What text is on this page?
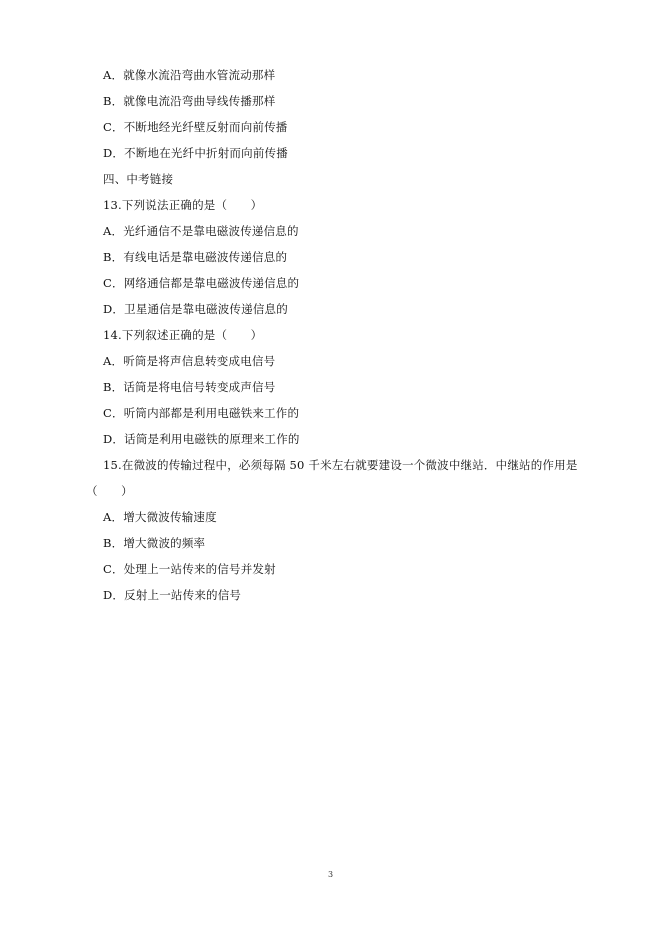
A．就像水流沿弯曲水管流动那样
B．就像电流沿弯曲导线传播那样
C．不断地经光纤壁反射而向前传播
D．不断地在光纤中折射而向前传播
四、中考链接
13.下列说法正确的是（　　）
A．光纤通信不是靠电磁波传递信息的
B．有线电话是靠电磁波传递信息的
C．网络通信都是靠电磁波传递信息的
D．卫星通信是靠电磁波传递信息的
14.下列叙述正确的是（　　）
A．听筒是将声信息转变成电信号
B．话筒是将电信号转变成声信号
C．听筒内部都是利用电磁铁来工作的
D．话筒是利用电磁铁的原理来工作的
15.在微波的传输过程中，必须每隔 50 千米左右就要建设一个微波中继站．中继站的作用是
（　　）
A．增大微波传输速度
B．增大微波的频率
C．处理上一站传来的信号并发射
D．反射上一站传来的信号
3
